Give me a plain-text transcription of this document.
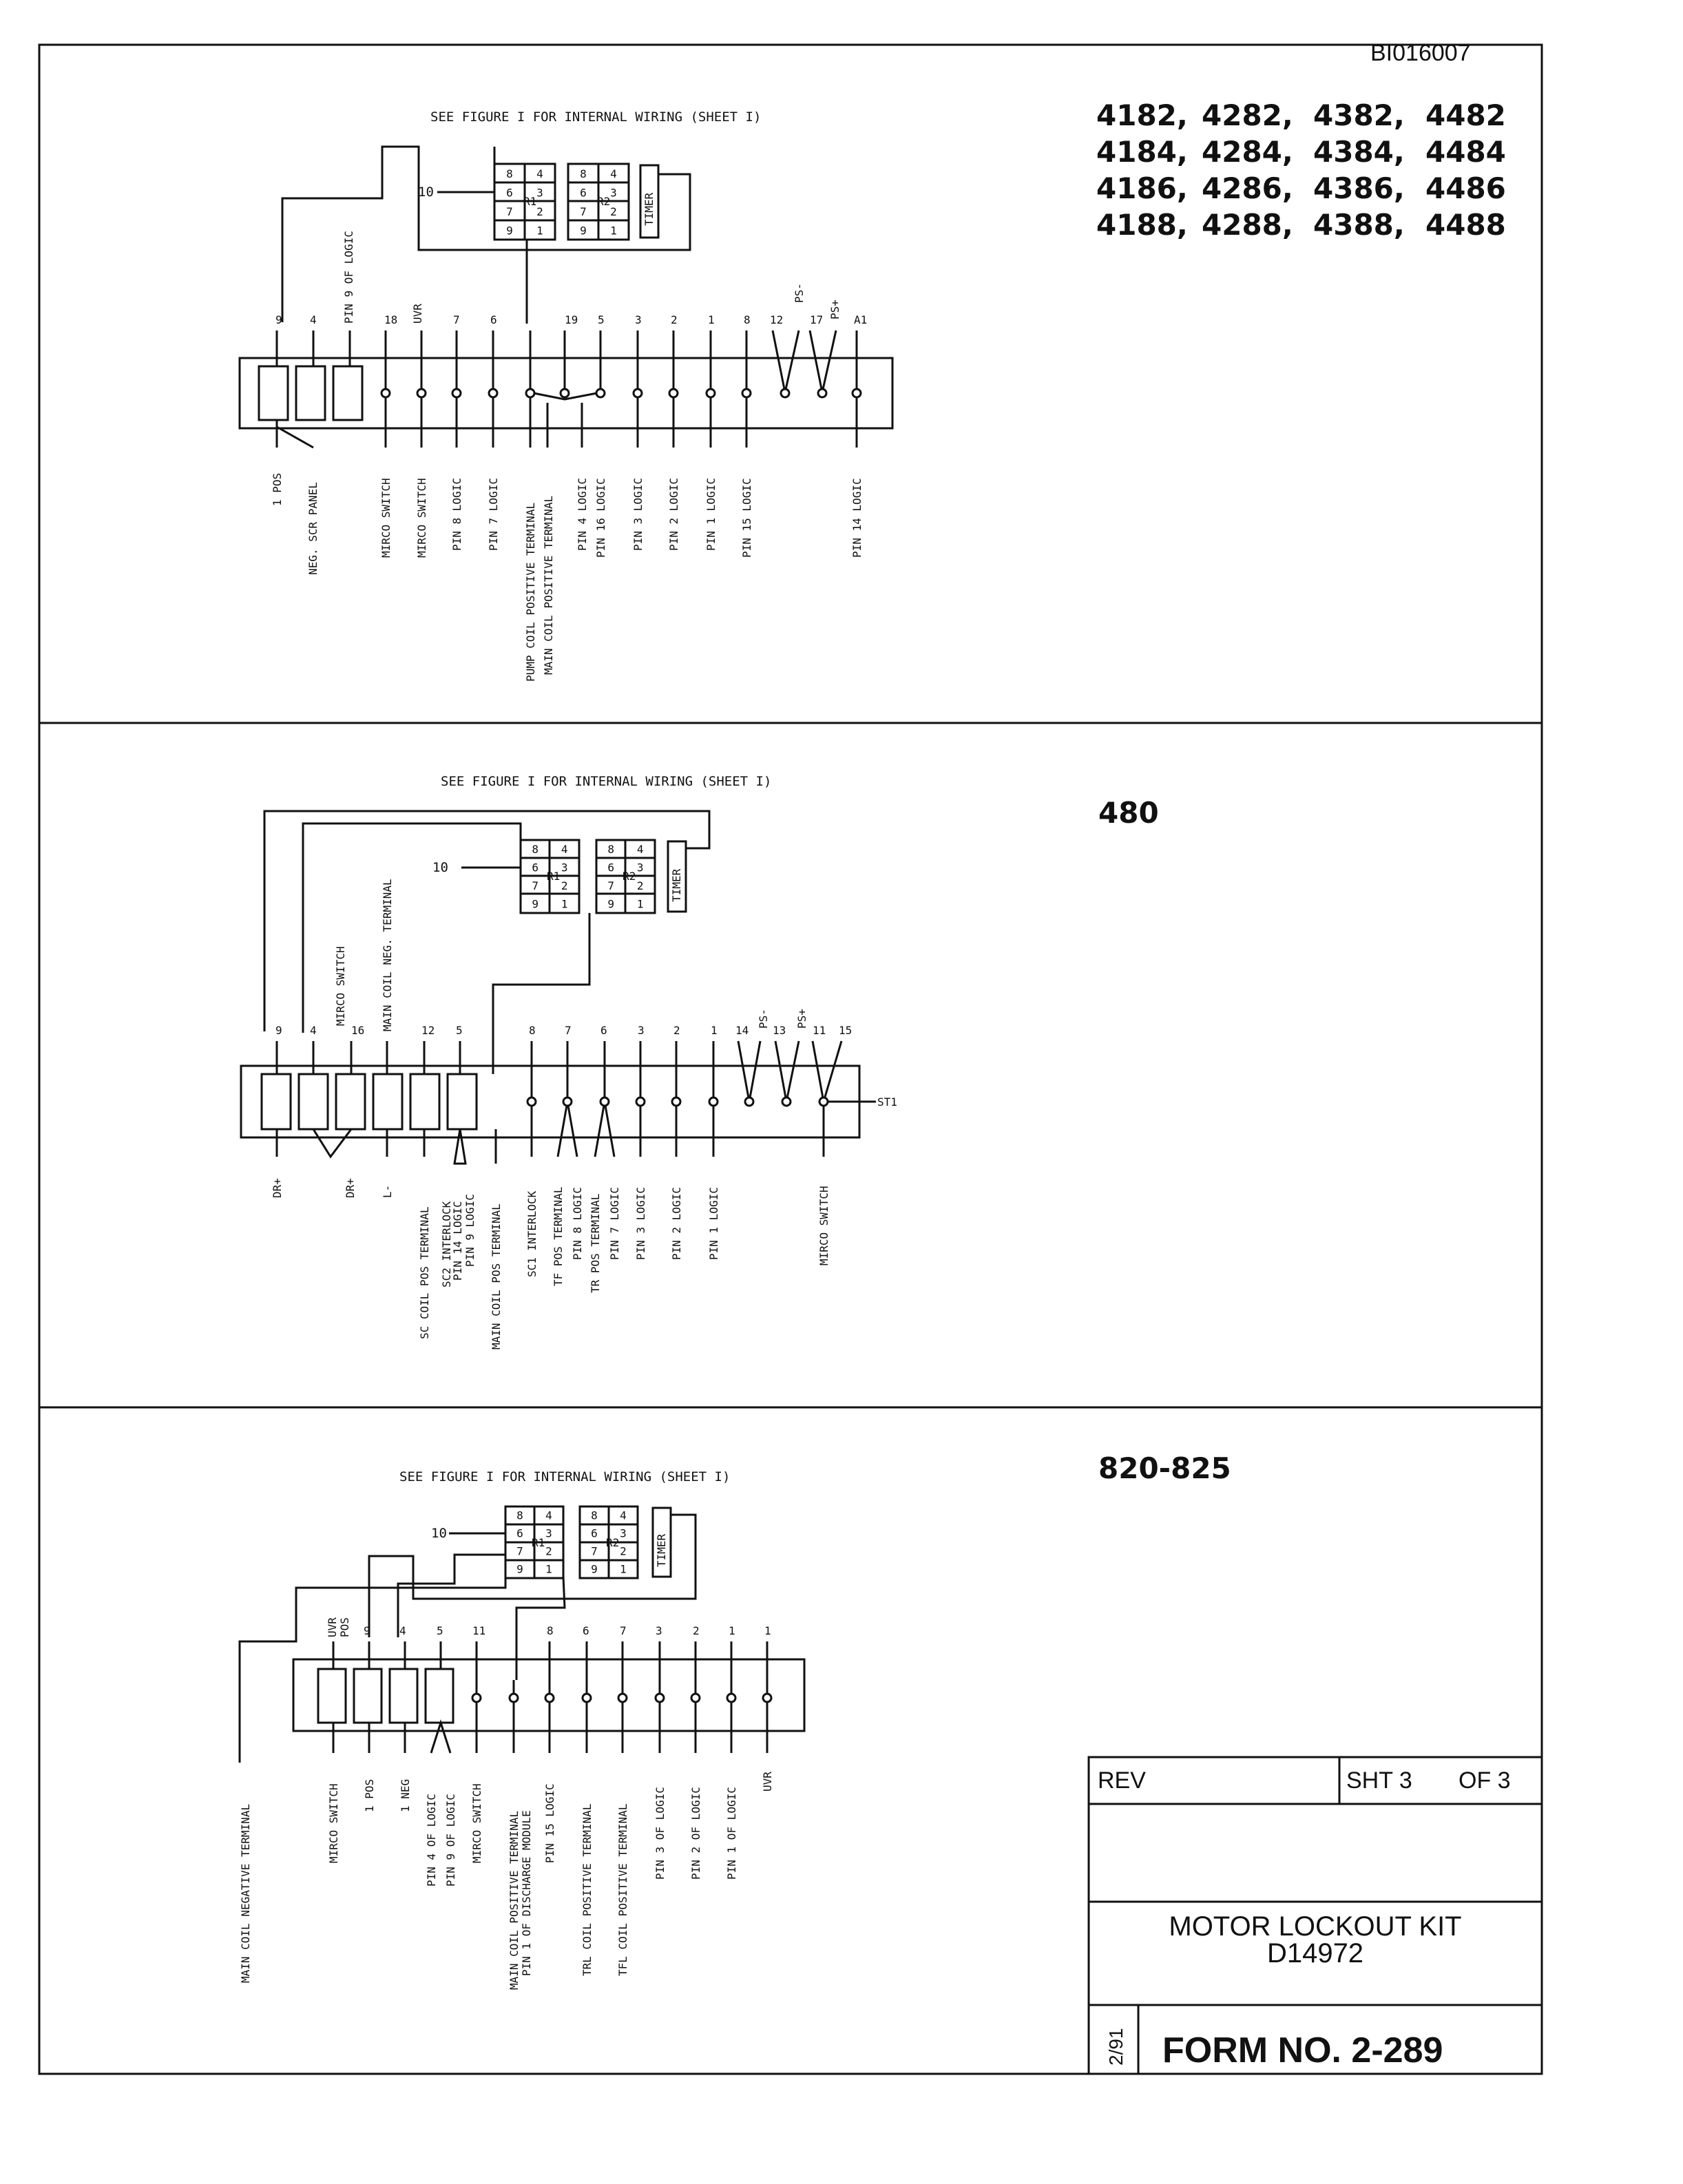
BI016007
SEE FIGURE I FOR INTERNAL WIRING (SHEET I)	4182, 4282, 4382, 4482
4184, 4284, 4384, 4484
4186, 4286, 4386, 4486
4188, 4288, 4388, 4488
10
R1	R2	TIMER
9	4 PIN 9 OF LOGIC	18 UVR	7	6	19 5	3	2	1	8 12
PS-
17
PS+
A1
1 POS NEG. SCR PANEL	MIRCO SWITCH MIRCO SWITCH PIN 8 LOGIC PIN 7 LOGIC PUMP COIL POSITIVE TERMINAL MAIN COIL POSITIVE TERMINAL PIN 4 LOGIC PIN 16 LOGIC PIN 3 LOGIC PIN 2 LOGIC PIN 1 LOGIC PIN 15 LOGIC	PIN 14 LOGIC
SEE FIGURE I FOR INTERNAL WIRING (SHEET I)
480
10
R1	R2	TIMER
9	4
MIRCO SWITCH
16 MAIN COIL NEG. TERMINAL	12 5	8	7	6	3	2	1 14
PS-
13
PS+
11 15
ST1
DR+	DR+ L-
SC COIL POS TERMINAL SC2 INTERLOCK
PIN 14 LOGIC PIN 9 LOGIC MAIN COIL POS TERMINAL SC1 INTERLOCK TF POS TERMINAL PIN 8 LOGIC TR POS TERMINAL PIN 7 LOGIC PIN 3 LOGIC PIN 2 LOGIC PIN 1 LOGIC	MIRCO SWITCH
SEE FIGURE I FOR INTERNAL WIRING (SHEET I)	820-825
10
R1	R2	TIMER
UVR POS 9	4	5	11	8	6	7	3	2	1	1
MAIN COIL NEGATIVE TERMINAL	MIRCO SWITCH 1 POS 1 NEG PIN 4 OF LOGIC PIN 9 OF LOGIC MIRCO SWITCH MAIN COIL POSITIVE TERMINAL PIN 1 OF DISCHARGE MODULE PIN 15 LOGIC TRL COIL POSITIVE TERMINAL TFL COIL POSITIVE TERMINAL PIN 3 OF LOGIC PIN 2 OF LOGIC PIN 1 OF LOGIC
UVR	REV	SHT 3 OF 3
MOTOR LOCKOUT KIT
D14972
2/91 FORM NO. 2-289
8 4
6 3
7 2
9 1
8 4
6 3
7 2
9 1
8 4
6 3
7 2
9 1
8 4
6 3
7 2
9 1
8 4
6 3
7 2
9 1
8 4
6 3
7 2
9 1
